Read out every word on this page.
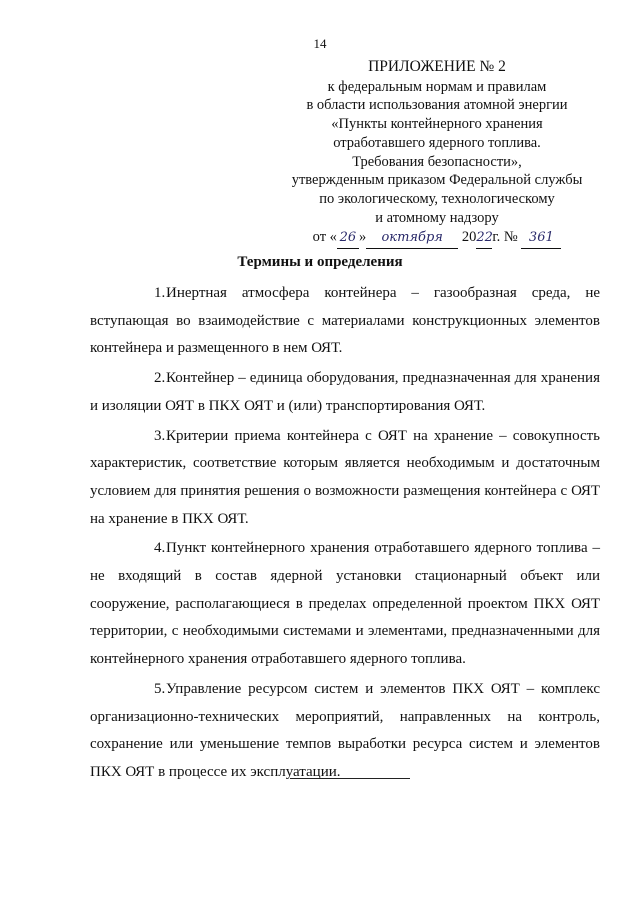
14
ПРИЛОЖЕНИЕ № 2
к федеральным нормам и правилам
в области использования атомной энергии
«Пункты контейнерного хранения
отработавшего ядерного топлива.
Требования безопасности»,
утвержденным приказом Федеральной службы
по экологическому, технологическому
и атомному надзору
от « 26 » октября 2022г. № 361
Термины и определения

1.Инертная атмосфера контейнера – газообразная среда, не вступающая во взаимодействие с материалами конструкционных элементов контейнера и размещенного в нем ОЯТ.

2.Контейнер – единица оборудования, предназначенная для хранения и изоляции ОЯТ в ПКХ ОЯТ и (или) транспортирования ОЯТ.

3.Критерии приема контейнера с ОЯТ на хранение – совокупность характеристик, соответствие которым является необходимым и достаточным условием для принятия решения о возможности размещения контейнера с ОЯТ на хранение в ПКХ ОЯТ.

4.Пункт контейнерного хранения отработавшего ядерного топлива – не входящий в состав ядерной установки стационарный объект или сооружение, располагающиеся в пределах определенной проектом ПКХ ОЯТ территории, с необходимыми системами и элементами, предназначенными для контейнерного хранения отработавшего ядерного топлива.

5.Управление ресурсом систем и элементов ПКХ ОЯТ – комплекс организационно-технических мероприятий, направленных на контроль, сохранение или уменьшение темпов выработки ресурса систем и элементов ПКХ ОЯТ в процессе их эксплуатации.
